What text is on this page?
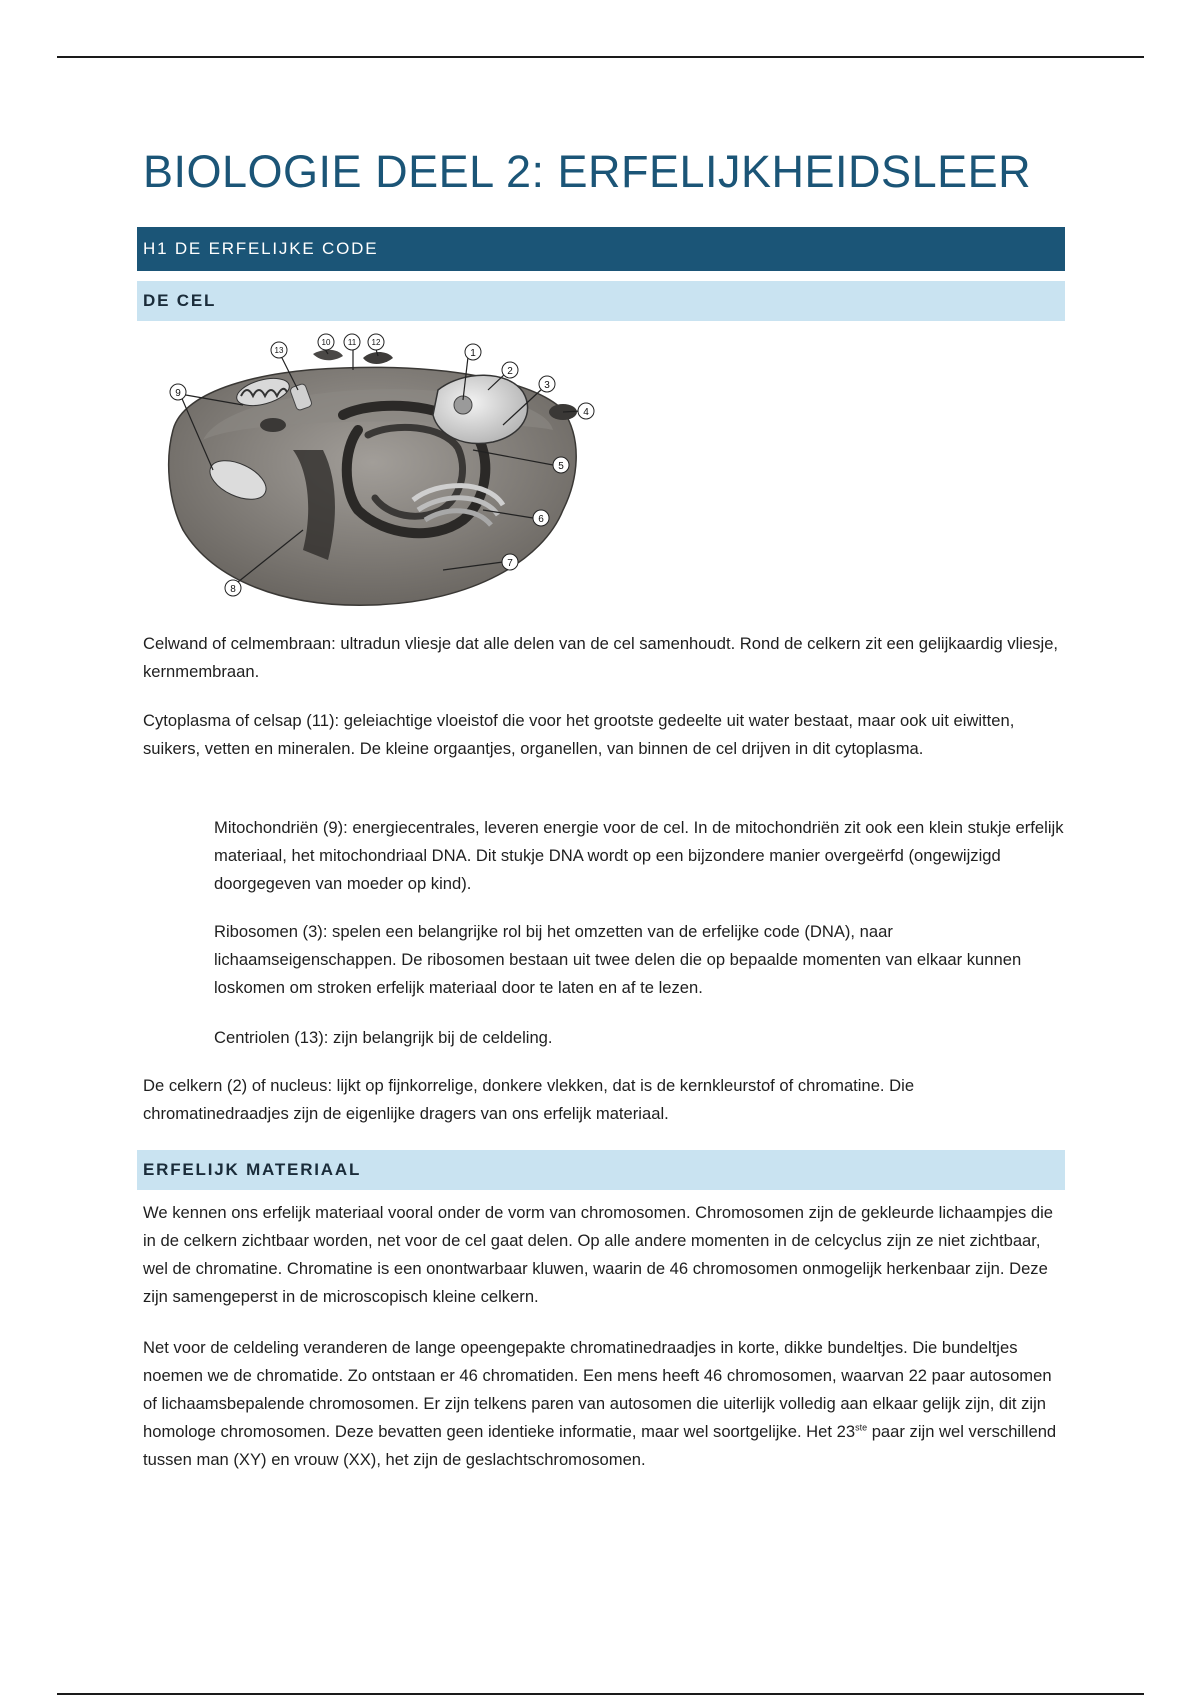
BIOLOGIE DEEL 2: ERFELIJKHEIDSLEER
H1 DE ERFELIJKE CODE
DE CEL
1
2
3
4
5
6
7
8
9
10 11 12
13
Celwand of celmembraan: ultradun vliesje dat alle delen van de cel samenhoudt. Rond de celkern zit een gelijkaardig vliesje, kernmembraan.
Cytoplasma of celsap (11): geleiachtige vloeistof die voor het grootste gedeelte uit water bestaat, maar ook uit eiwitten, suikers, vetten en mineralen. De kleine orgaantjes, organellen, van binnen de cel drijven in dit cytoplasma.
Mitochondriën (9): energiecentrales, leveren energie voor de cel. In de mitochondriën zit ook een klein stukje erfelijk materiaal, het mitochondriaal DNA. Dit stukje DNA wordt op een bijzondere manier overgeërfd (ongewijzigd doorgegeven van moeder op kind).
Ribosomen (3): spelen een belangrijke rol bij het omzetten van de erfelijke code (DNA), naar lichaamseigenschappen. De ribosomen bestaan uit twee delen die op bepaalde momenten van elkaar kunnen loskomen om stroken erfelijk materiaal door te laten en af te lezen.
Centriolen (13): zijn belangrijk bij de celdeling.
De celkern (2) of nucleus: lijkt op fijnkorrelige, donkere vlekken, dat is de kernkleurstof of chromatine. Die chromatinedraadjes zijn de eigenlijke dragers van ons erfelijk materiaal.
ERFELIJK MATERIAAL
We kennen ons erfelijk materiaal vooral onder de vorm van chromosomen. Chromosomen zijn de gekleurde lichaampjes die in de celkern zichtbaar worden, net voor de cel gaat delen. Op alle andere momenten in de celcyclus zijn ze niet zichtbaar, wel de chromatine. Chromatine is een onontwarbaar kluwen, waarin de 46 chromosomen onmogelijk herkenbaar zijn. Deze zijn samengeperst in de microscopisch kleine celkern.
Net voor de celdeling veranderen de lange opeengepakte chromatinedraadjes in korte, dikke bundeltjes. Die bundeltjes noemen we de chromatide. Zo ontstaan er 46 chromatiden. Een mens heeft 46 chromosomen, waarvan 22 paar autosomen of lichaamsbepalende chromosomen. Er zijn telkens paren van autosomen die uiterlijk volledig aan elkaar gelijk zijn, dit zijn homologe chromosomen. Deze bevatten geen identieke informatie, maar wel soortgelijke. Het 23ste paar zijn wel verschillend tussen man (XY) en vrouw (XX), het zijn de geslachtschromosomen.
